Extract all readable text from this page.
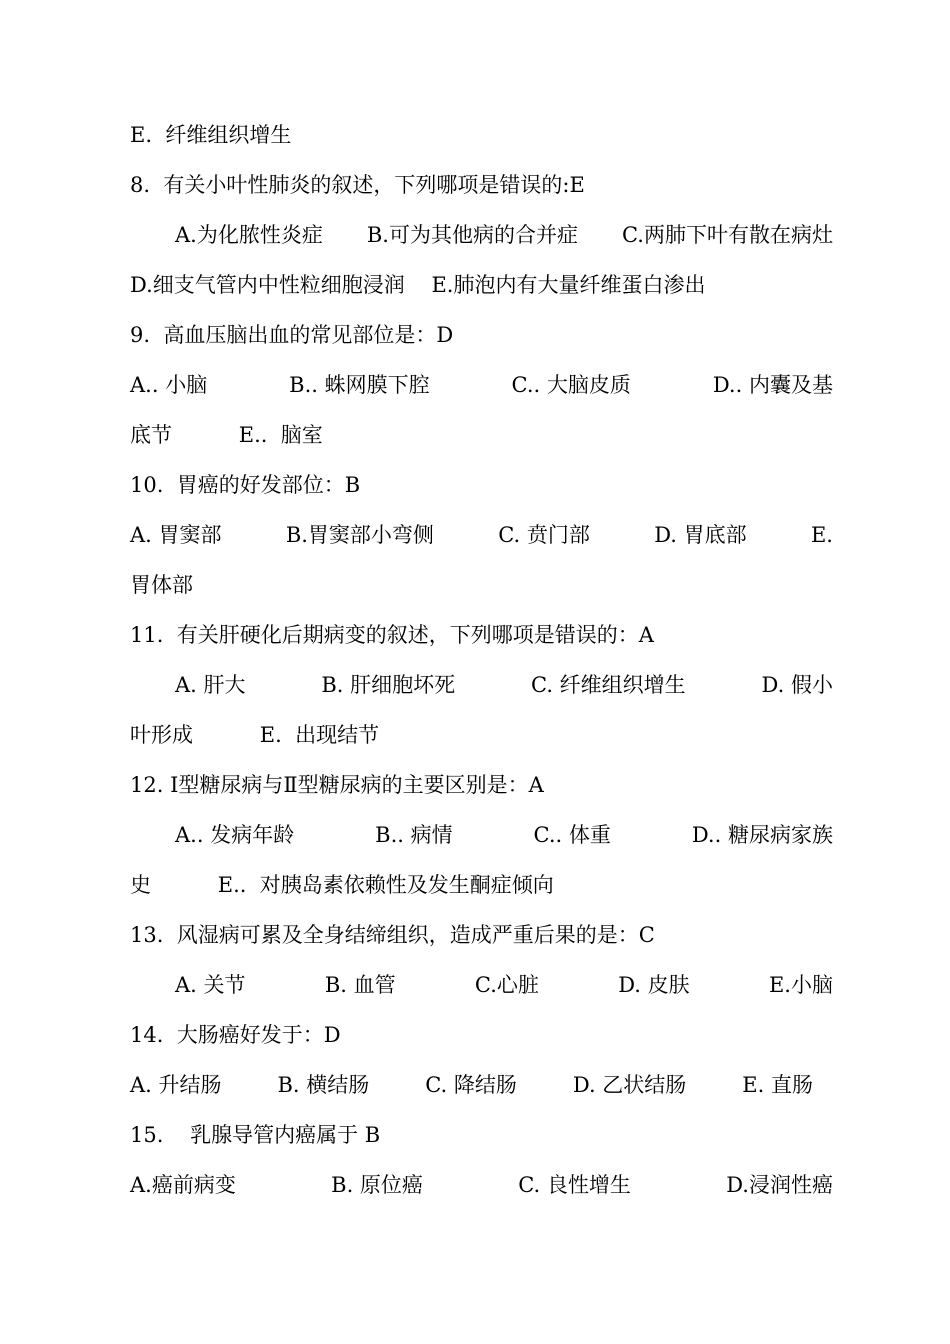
E.  纤维组织增生
8.  有关小叶性肺炎的叙述，下列哪项是错误的:E
A.为化脓性炎症 B.可为其他病的合并症 C.两肺下叶有散在病灶
D.细支气管内中性粒细胞浸润    E.肺泡内有大量纤维蛋白渗出
9.  高血压脑出血的常见部位是：D
A.. 小脑	B.. 蛛网膜下腔	C.. 大脑皮质	D.. 内囊及基
底节          E..  脑室
10.  胃癌的好发部位：B
A. 胃窦部	B.胃窦部小弯侧	C. 贲门部	D. 胃底部	E.
胃体部
11.  有关肝硬化后期病变的叙述，下列哪项是错误的：A
A. 肝大	B. 肝细胞坏死	C. 纤维组织增生	D. 假小
叶形成          E.  出现结节
12. Ⅰ型糖尿病与Ⅱ型糖尿病的主要区别是：A
A.. 发病年龄	B.. 病情	C.. 体重	D.. 糖尿病家族
史          E..  对胰岛素依赖性及发生酮症倾向
13.  风湿病可累及全身结缔组织，造成严重后果的是：C
A. 关节	B. 血管	C.心脏	D. 皮肤	E.小脑
14.  大肠癌好发于：D
A. 升结肠	B. 横结肠	C. 降结肠	D. 乙状结肠	E. 直肠
15.    乳腺导管内癌属于 B
A.癌前病变	B. 原位癌	C. 良性增生	D.浸润性癌
